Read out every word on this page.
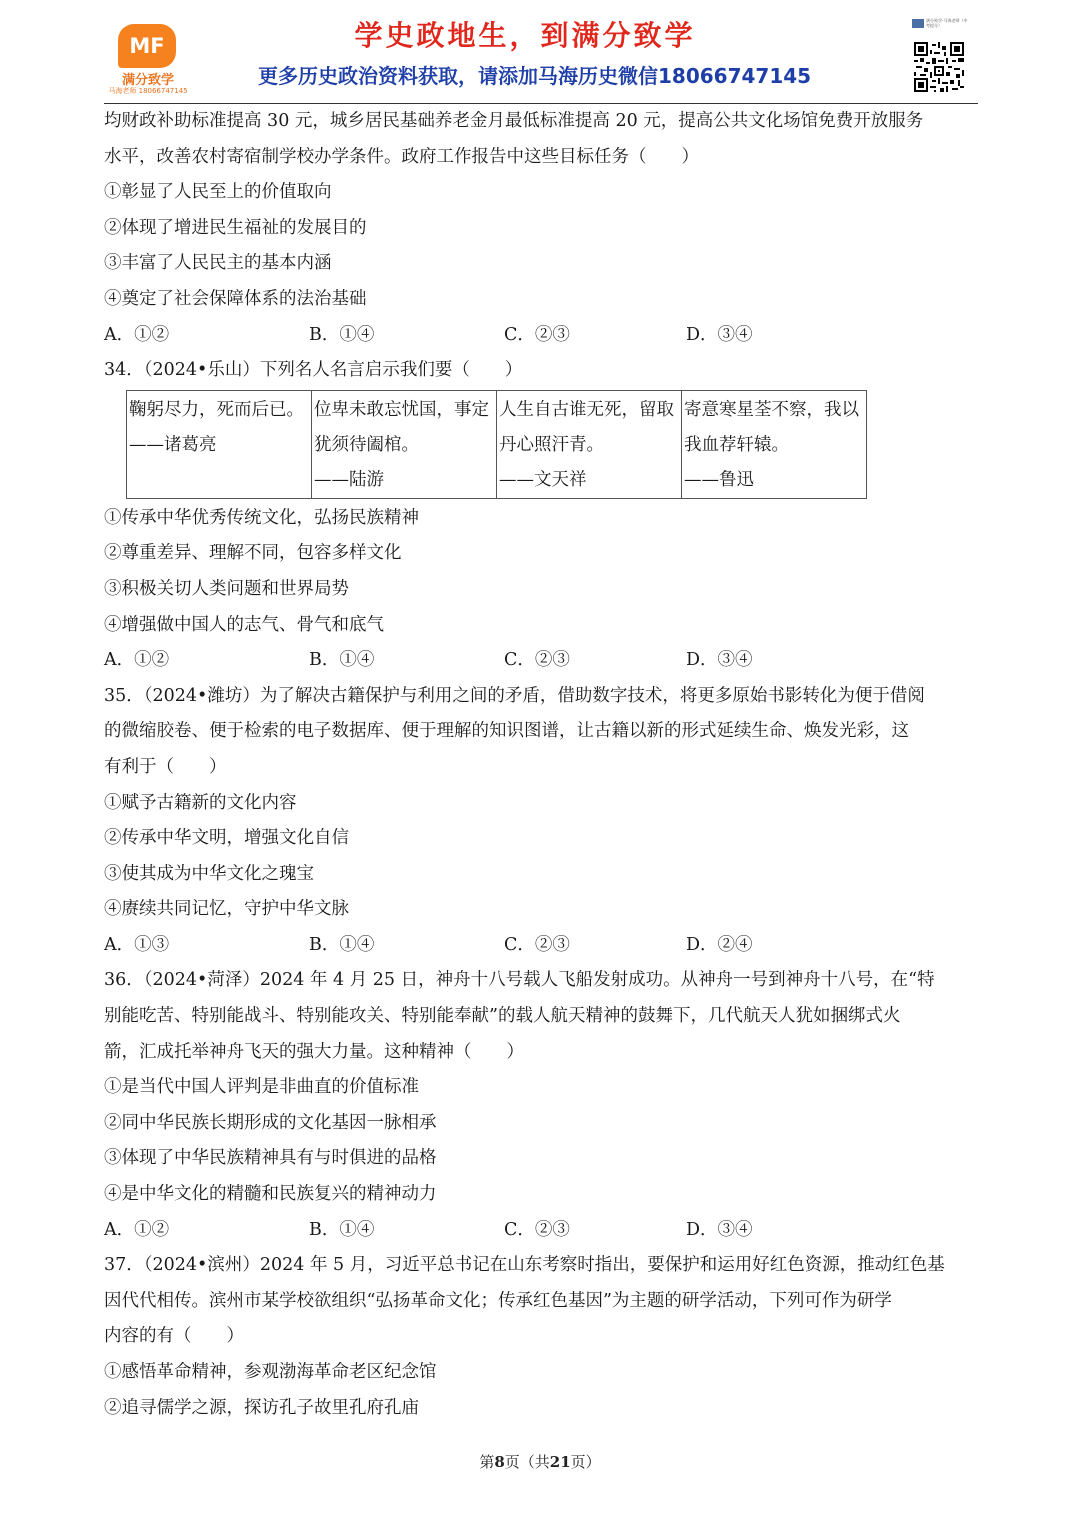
MF
满分致学
马海老师 18066747145
学史政地生，到满分致学
更多历史政治资料获取，请添加马海历史微信18066747145
满分致学-马海老师（中考提分）

均财政补助标准提高 30 元，城乡居民基础养老金月最低标准提高 20 元，提高公共文化场馆免费开放服务

水平，改善农村寄宿制学校办学条件。政府工作报告中这些目标任务（　　）

①彰显了人民至上的价值取向

②体现了增进民生福祉的发展目的

③丰富了人民民主的基本内涵

④奠定了社会保障体系的法治基础

A．①②	B．①④	C．②③	D．③④

34．（2024•乐山）下列名人名言启示我们要（　　）

鞠躬尽力，死而后已。
——诸葛亮
	位卑未敢忘忧国，事定犹须待阖棺。
——陆游
	人生自古谁无死，留取丹心照汗青。
——文天祥
	寄意寒星荃不察，我以我血荐轩辕。
——鲁迅

①传承中华优秀传统文化，弘扬民族精神

②尊重差异、理解不同，包容多样文化

③积极关切人类问题和世界局势

④增强做中国人的志气、骨气和底气

A．①②	B．①④	C．②③	D．③④

35．（2024•潍坊）为了解决古籍保护与利用之间的矛盾，借助数字技术，将更多原始书影转化为便于借阅

的微缩胶卷、便于检索的电子数据库、便于理解的知识图谱，让古籍以新的形式延续生命、焕发光彩，这

有利于（　　）

①赋予古籍新的文化内容

②传承中华文明，增强文化自信

③使其成为中华文化之瑰宝

④赓续共同记忆，守护中华文脉

A．①③	B．①④	C．②③	D．②④

36．（2024•菏泽）2024 年 4 月 25 日，神舟十八号载人飞船发射成功。从神舟一号到神舟十八号，在“特

别能吃苦、特别能战斗、特别能攻关、特别能奉献”的载人航天精神的鼓舞下，几代航天人犹如捆绑式火

箭，汇成托举神舟飞天的强大力量。这种精神（　　）

①是当代中国人评判是非曲直的价值标准

②同中华民族长期形成的文化基因一脉相承

③体现了中华民族精神具有与时俱进的品格

④是中华文化的精髓和民族复兴的精神动力

A．①②	B．①④	C．②③	D．③④

37．（2024•滨州）2024 年 5 月，习近平总书记在山东考察时指出，要保护和运用好红色资源，推动红色基

因代代相传。滨州市某学校欲组织“弘扬革命文化；传承红色基因”为主题的研学活动，下列可作为研学

内容的有（　　）

①感悟革命精神，参观渤海革命老区纪念馆

②追寻儒学之源，探访孔子故里孔府孔庙

第8页（共21页）
